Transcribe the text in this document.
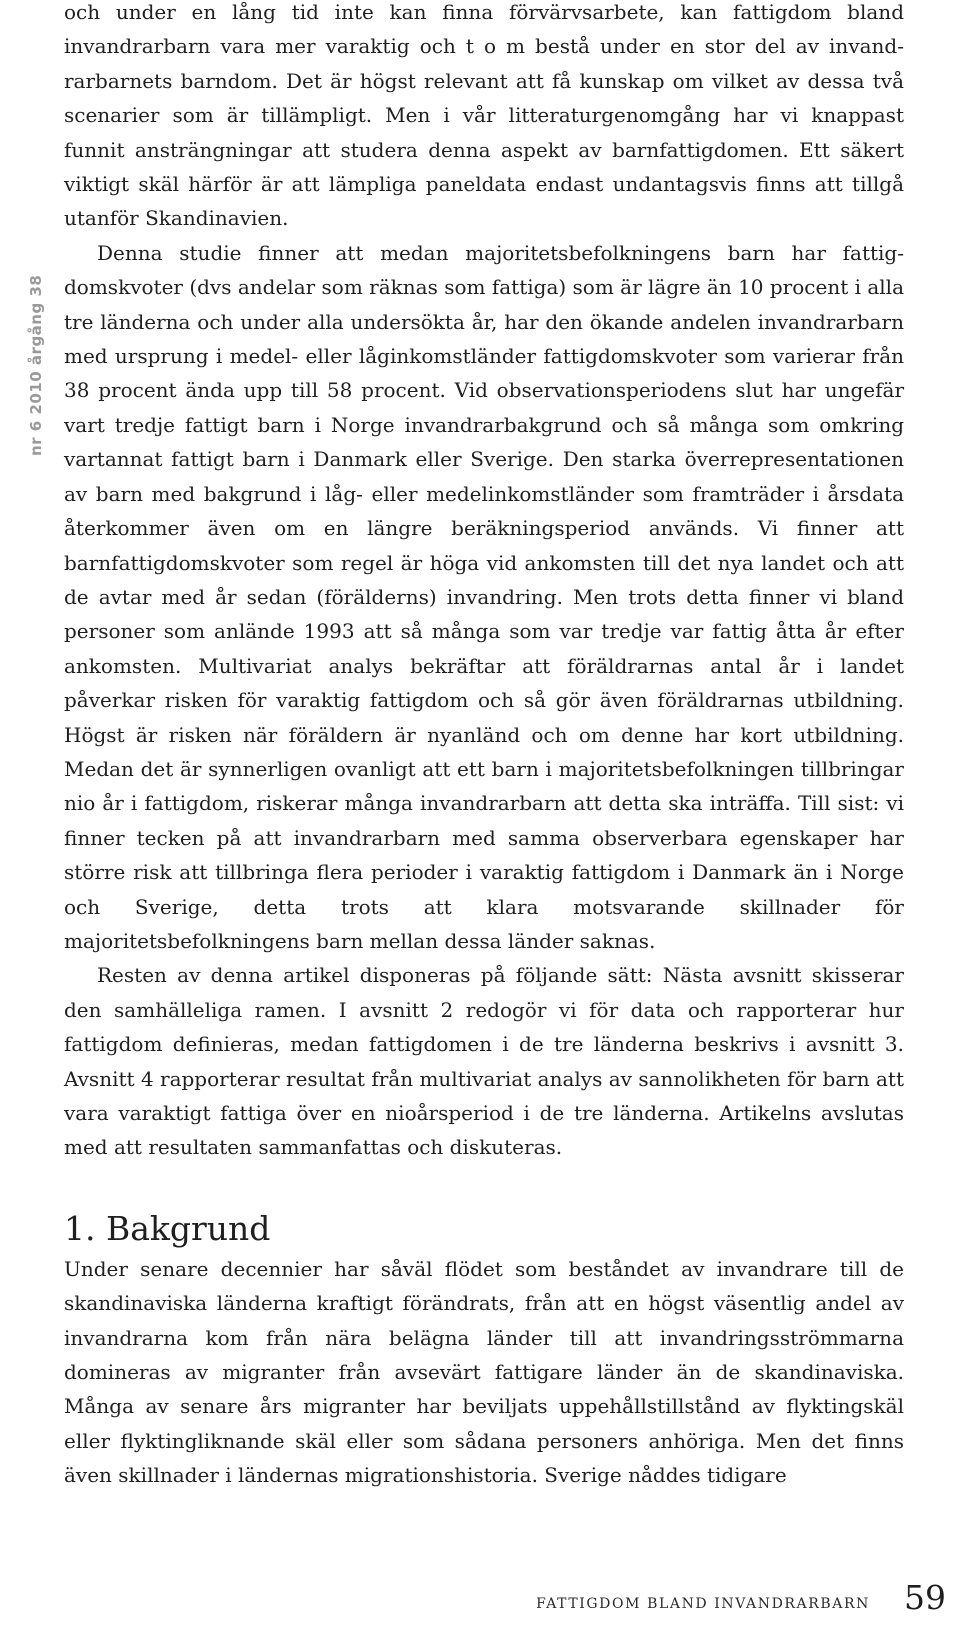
nr 6 2010 årgång 38

och under en lång tid inte kan finna förvärvsarbete, kan fattigdom bland invandrarbarn vara mer varaktig och t o m bestå under en stor del av invandrarbarnets barndom. Det är högst relevant att få kunskap om vilket av dessa två scenarier som är tillämpligt. Men i vår litteraturgenomgång har vi knappast funnit ansträngningar att studera denna aspekt av barnfattigdomen. Ett säkert viktigt skäl härför är att lämpliga paneldata endast undantagsvis finns att tillgå utanför Skandinavien.

Denna studie finner att medan majoritetsbefolkningens barn har fattigdomskvoter (dvs andelar som räknas som fattiga) som är lägre än 10 procent i alla tre länderna och under alla undersökta år, har den ökande andelen invandrarbarn med ursprung i medel- eller låginkomstländer fattigdomskvoter som varierar från 38 procent ända upp till 58 procent. Vid observationsperiodens slut har ungefär vart tredje fattigt barn i Norge invandrarbakgrund och så många som omkring vartannat fattigt barn i Danmark eller Sverige. Den starka överrepresentationen av barn med bakgrund i låg- eller medelinkomstländer som framträder i årsdata återkommer även om en längre beräkningsperiod används. Vi finner att barnfattigdomskvoter som regel är höga vid ankomsten till det nya landet och att de avtar med år sedan (förälderns) invandring. Men trots detta finner vi bland personer som anlände 1993 att så många som var tredje var fattig åtta år efter ankomsten. Multivariat analys bekräftar att föräldrarnas antal år i landet påverkar risken för varaktig fattigdom och så gör även föräldrarnas utbildning. Högst är risken när föräldern är nyanländ och om denne har kort utbildning. Medan det är synnerligen ovanligt att ett barn i majoritetsbefolkningen tillbringar nio år i fattigdom, riskerar många invandrarbarn att detta ska inträffa. Till sist: vi finner tecken på att invandrarbarn med samma observerbara egenskaper har större risk att tillbringa flera perioder i varaktig fattigdom i Danmark än i Norge och Sverige, detta trots att klara motsvarande skillnader för majoritetsbefolkningens barn mellan dessa länder saknas.

Resten av denna artikel disponeras på följande sätt: Nästa avsnitt skisserar den samhälleliga ramen. I avsnitt 2 redogör vi för data och rapporterar hur fattigdom definieras, medan fattigdomen i de tre länderna beskrivs i avsnitt 3. Avsnitt 4 rapporterar resultat från multivariat analys av sannolikheten för barn att vara varaktigt fattiga över en nioårsperiod i de tre länderna. Artikelns avslutas med att resultaten sammanfattas och diskuteras.

1. Bakgrund

Under senare decennier har såväl flödet som beståndet av invandrare till de skandinaviska länderna kraftigt förändrats, från att en högst väsentlig andel av invandrarna kom från nära belägna länder till att invandringsströmmarna domineras av migranter från avsevärt fattigare länder än de skandinaviska. Många av senare års migranter har beviljats uppehållstillstånd av flyktingskäl eller flyktingliknande skäl eller som sådana personers anhöriga. Men det finns även skillnader i ländernas migrationshistoria. Sverige nåddes tidigare

FATTIGDOM BLAND INVANDRARBARN 59
